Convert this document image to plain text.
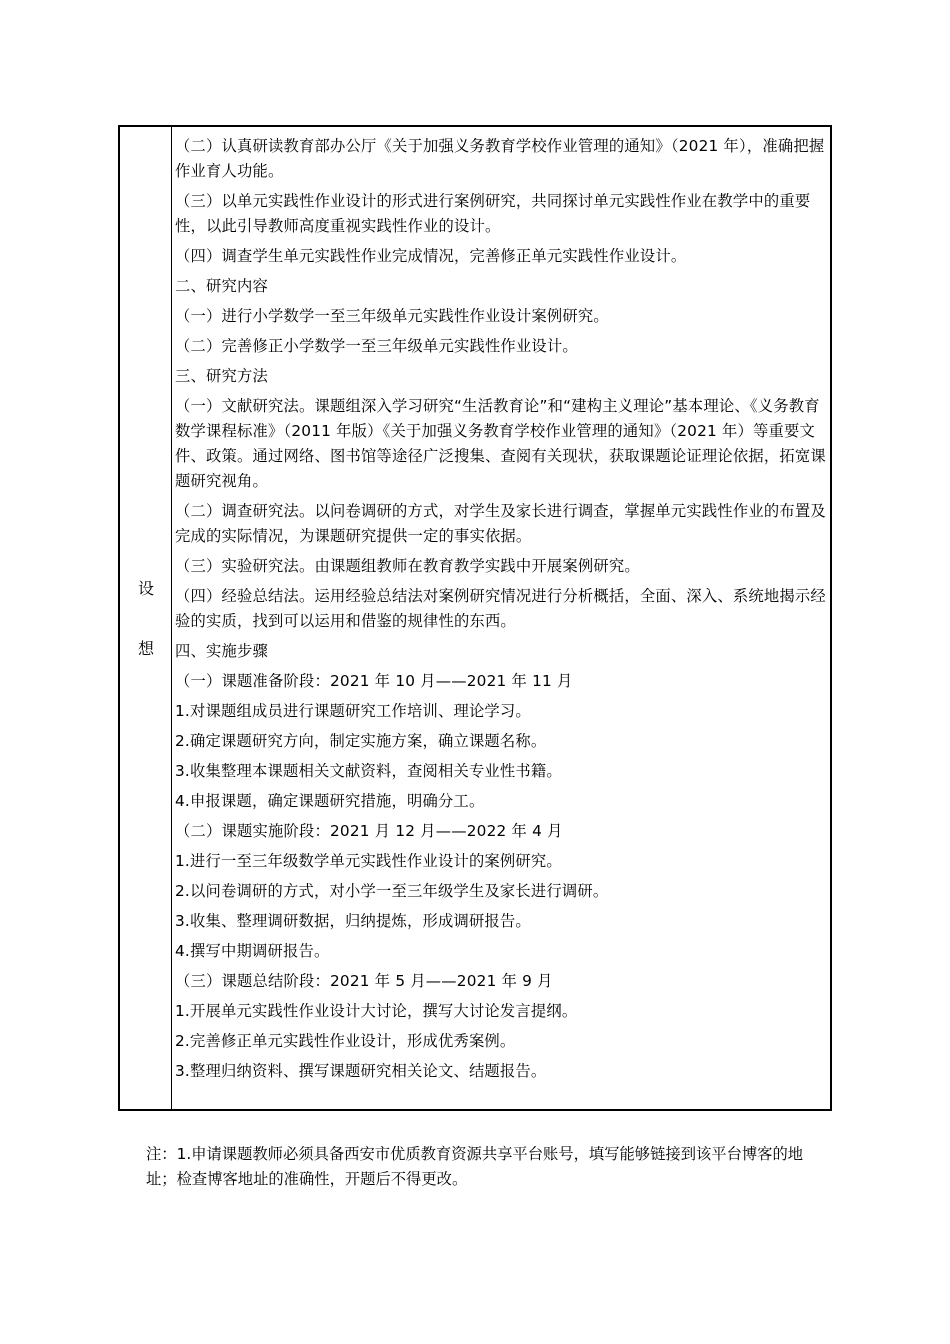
设
想

（二）认真研读教育部办公厅《关于加强义务教育学校作业管理的通知》（2021 年），准确把握作业育人功能。

（三）以单元实践性作业设计的形式进行案例研究，共同探讨单元实践性作业在教学中的重要性，以此引导教师高度重视实践性作业的设计。

（四）调查学生单元实践性作业完成情况，完善修正单元实践性作业设计。

二、研究内容

（一）进行小学数学一至三年级单元实践性作业设计案例研究。

（二）完善修正小学数学一至三年级单元实践性作业设计。

三、研究方法

（一）文献研究法。课题组深入学习研究“生活教育论”和“建构主义理论”基本理论、《义务教育数学课程标准》（2011 年版）《关于加强义务教育学校作业管理的通知》（2021 年）等重要文件、政策。通过网络、图书馆等途径广泛搜集、查阅有关现状，获取课题论证理论依据，拓宽课题研究视角。

（二）调查研究法。以问卷调研的方式，对学生及家长进行调查，掌握单元实践性作业的布置及完成的实际情况，为课题研究提供一定的事实依据。

（三）实验研究法。由课题组教师在教育教学实践中开展案例研究。

（四）经验总结法。运用经验总结法对案例研究情况进行分析概括，全面、深入、系统地揭示经验的实质，找到可以运用和借鉴的规律性的东西。

四、实施步骤

（一）课题准备阶段：2021 年 10 月——2021 年 11 月

1.对课题组成员进行课题研究工作培训、理论学习。

2.确定课题研究方向，制定实施方案，确立课题名称。

3.收集整理本课题相关文献资料，查阅相关专业性书籍。

4.申报课题，确定课题研究措施，明确分工。

（二）课题实施阶段：2021 月 12 月——2022 年 4 月

1.进行一至三年级数学单元实践性作业设计的案例研究。

2.以问卷调研的方式，对小学一至三年级学生及家长进行调研。

3.收集、整理调研数据，归纳提炼，形成调研报告。

4.撰写中期调研报告。

（三）课题总结阶段：2021 年 5 月——2021 年 9 月

1.开展单元实践性作业设计大讨论，撰写大讨论发言提纲。

2.完善修正单元实践性作业设计，形成优秀案例。

3.整理归纳资料、撰写课题研究相关论文、结题报告。

注：1.申请课题教师必须具备西安市优质教育资源共享平台账号，填写能够链接到该平台博客的地址；检查博客地址的准确性，开题后不得更改。
